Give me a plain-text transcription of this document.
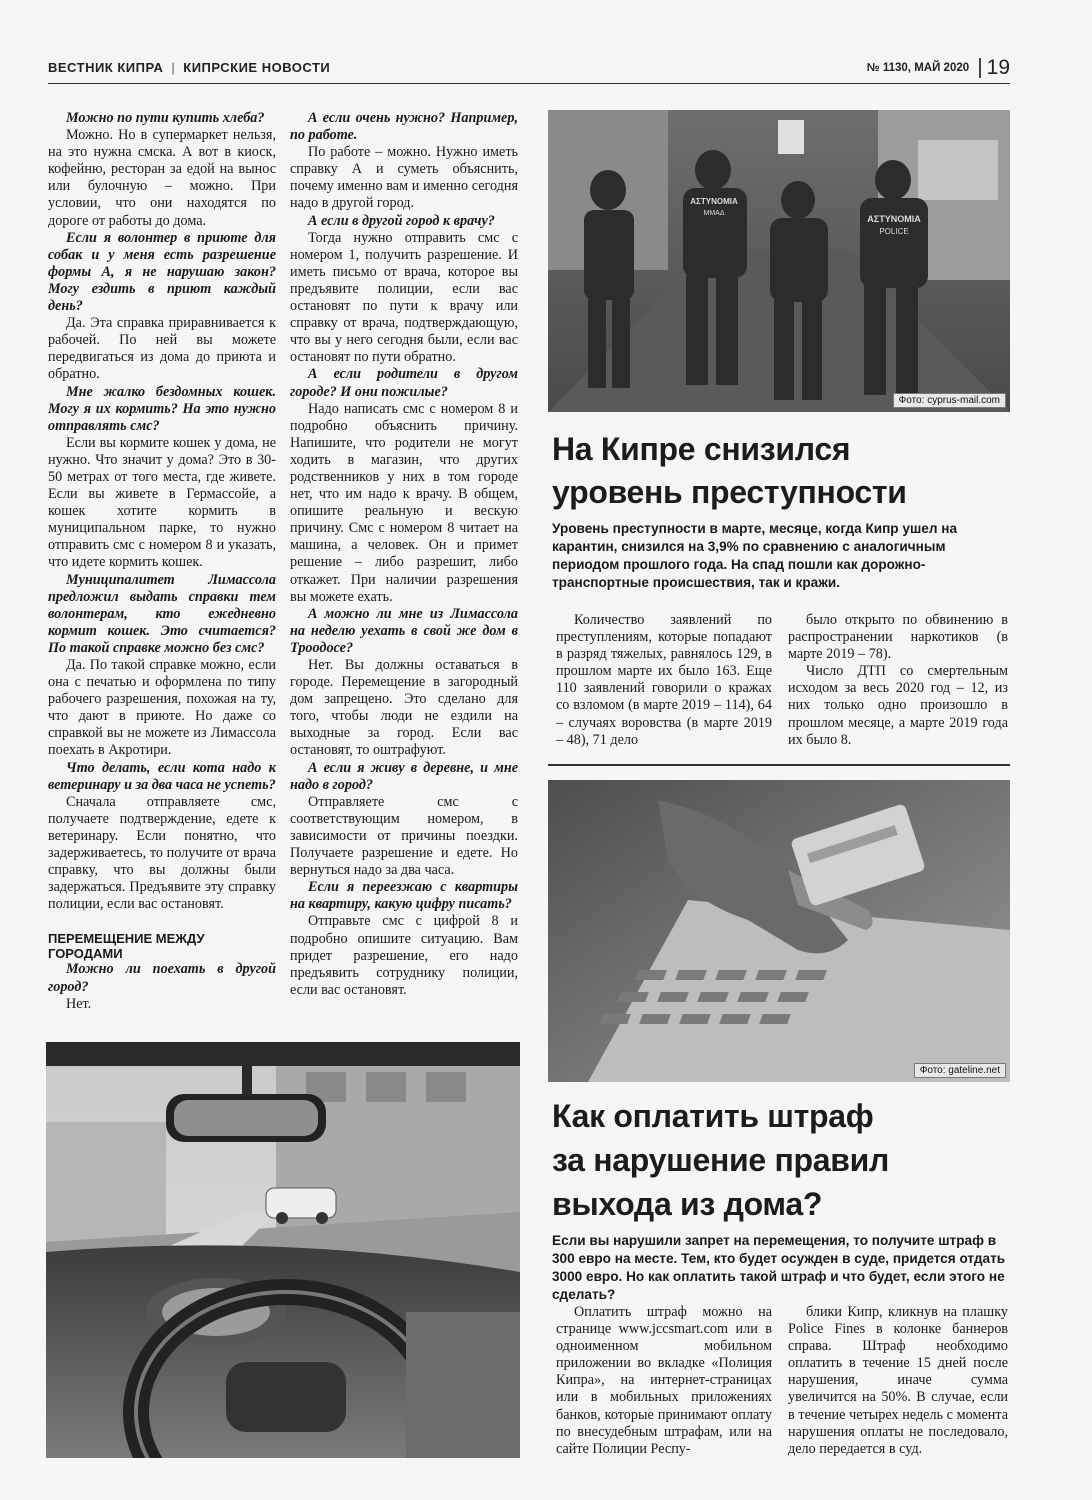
ВЕСТНИК КИПРА | КИПРСКИЕ НОВОСТИ	№ 1130, МАЙ 2020 19

Можно по пути купить хлеба?

Можно. Но в супермаркет нельзя, на это нужна смска. А вот в киоск, кофейню, ресторан за едой на вынос или булочную – можно. При условии, что они находятся по дороге от работы до дома.

Если я волонтер в приюте для собак и у меня есть разрешение формы А, я не нарушаю закон? Могу ездить в приют каждый день?

Да. Эта справка приравнивается к рабочей. По ней вы можете передвигаться из дома до приюта и обратно.

Мне жалко бездомных кошек. Могу я их кормить? На это нужно отправлять смс?

Если вы кормите кошек у дома, не нужно. Что значит у дома? Это в 30-50 метрах от того места, где живете. Если вы живете в Гермассойе, а кошек хотите кормить в муниципальном парке, то нужно отправить смс с номером 8 и указать, что идете кормить кошек.

Муниципалитет Лимассола предложил выдать справки тем волонтерам, кто ежедневно кормит кошек. Это считается? По такой справке можно без смс?

Да. По такой справке можно, если она с печатью и оформлена по типу рабочего разрешения, похожая на ту, что дают в приюте. Но даже со справкой вы не можете из Лимассола поехать в Акротири.

Что делать, если кота надо к ветеринару и за два часа не успеть?

Сначала отправляете смс, получаете подтверждение, едете к ветеринару. Если понятно, что задерживаетесь, то получите от врача справку, что вы должны были задержаться. Предъявите эту справку полиции, если вас остановят.

ПЕРЕМЕЩЕНИЕ МЕЖДУ ГОРОДАМИ

Можно ли поехать в другой город?

Нет.

А если очень нужно? Например, по работе.

По работе – можно. Нужно иметь справку А и суметь объяснить, почему именно вам и именно сегодня надо в другой город.

А если в другой город к врачу?

Тогда нужно отправить смс с номером 1, получить разрешение. И иметь письмо от врача, которое вы предъявите полиции, если вас остановят по пути к врачу или справку от врача, подтверждающую, что вы у него сегодня были, если вас остановят по пути обратно.

А если родители в другом городе? И они пожилые?

Надо написать смс с номером 8 и подробно объяснить причину. Напишите, что родители не могут ходить в магазин, что других родственников у них в том городе нет, что им надо к врачу. В общем, опишите реальную и вескую причину. Смс с номером 8 читает на машина, а человек. Он и примет решение – либо разрешит, либо откажет. При наличии разрешения вы можете ехать.

А можно ли мне из Лимассола на неделю уехать в свой же дом в Троодосе?

Нет. Вы должны оставаться в городе. Перемещение в загородный дом запрещено. Это сделано для того, чтобы люди не ездили на выходные за город. Если вас остановят, то оштрафуют.

А если я живу в деревне, и мне надо в город?

Отправляете смс с соответствующим номером, в зависимости от причины поездки. Получаете разрешение и едете. Но вернуться надо за два часа.

Если я переезжаю с квартиры на квартиру, какую цифру писать?

Отправьте смс с цифрой 8 и подробно опишите ситуацию. Вам придет разрешение, его надо предъявить сотруднику полиции, если вас остановят.

ΑΣΤΥΝΟΜΙΑ
POLICE
ΑΣΤΥΝΟΜΙΑ
ΜΜΑΔ
Фото: cyprus-mail.com
На Кипре снизился
уровень преступности
Уровень преступности в марте, месяце, когда Кипр ушел на карантин, снизился на 3,9% по сравнению с аналогичным периодом прошлого года. На спад пошли как дорожно-транспортные происшествия, так и кражи.

Количество заявлений по преступлениям, которые попадают в разряд тяжелых, равнялось 129, в прошлом марте их было 163. Еще 110 заявлений говорили о кражах со взломом (в марте 2019 – 114), 64 – случаях воровства (в марте 2019 – 48), 71 дело

было открыто по обвинению в распространении наркотиков (в марте 2019 – 78).

Число ДТП со смертельным исходом за весь 2020 год – 12, из них только одно произошло в прошлом месяце, а марте 2019 года их было 8.

Фото: gateline.net
Как оплатить штраф
за нарушение правил
выхода из дома?
Если вы нарушили запрет на перемещения, то получите штраф в 300 евро на месте. Тем, кто будет осужден в суде, придется отдать 3000 евро. Но как оплатить такой штраф и что будет, если этого не сделать?

Оплатить штраф можно на странице www.jccsmart.com или в одноименном мобильном приложении во вкладке «Полиция Кипра», на интернет-страницах или в мобильных приложениях банков, которые принимают оплату по внесудебным штрафам, или на сайте Полиции Респу-

блики Кипр, кликнув на плашку Police Fines в колонке баннеров справа. Штраф необходимо оплатить в течение 15 дней после нарушения, иначе сумма увеличится на 50%. В случае, если в течение четырех недель с момента нарушения оплаты не последовало, дело передается в суд.
